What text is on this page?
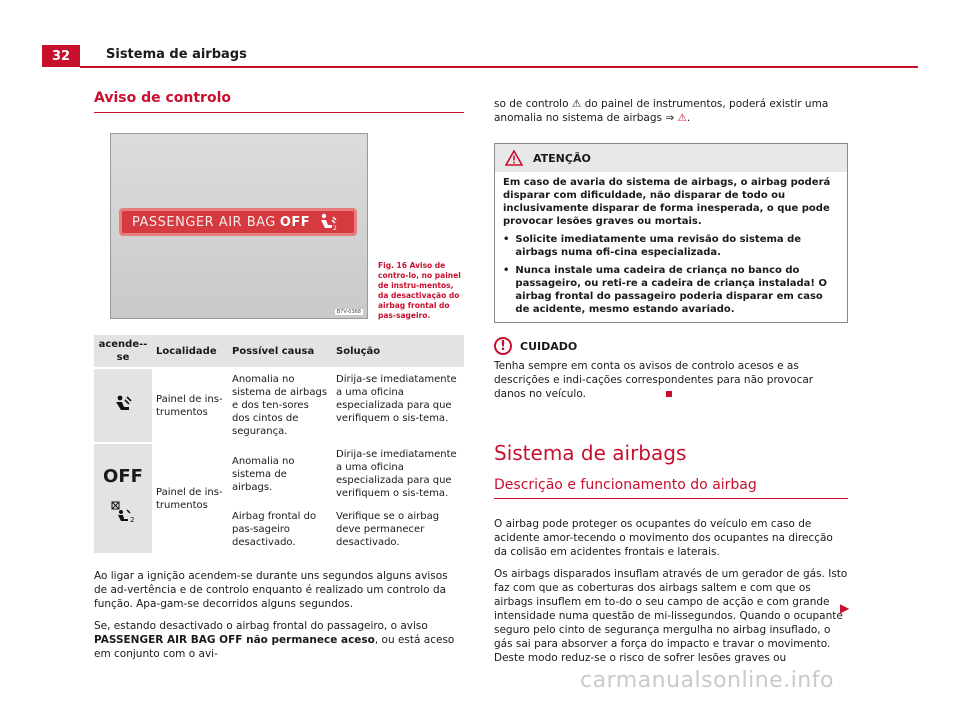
32	Sistema de airbags
Aviso de controlo
PASSENGER AIR BAG OFF	2
B7V-0368
Fig. 16 Aviso de contro-lo, no painel de instru-mentos, da desactivação do airbag frontal do pas-sageiro.
acende--se	Localidade	Possível causa	Solução
	Painel de ins-trumentos	Anomalia no sistema de airbags e dos ten-sores dos cintos de segurança.	Dirija-se imediatamente a uma oficina especializada para que verifiquem o sis-tema.

OFF
2	Painel de ins-trumentos	Anomalia no sistema de airbags.	Dirija-se imediatamente a uma oficina especializada para que verifiquem o sis-tema.
		Airbag frontal do pas-sageiro desactivado.	Verifique se o airbag deve permanecer desactivado.

Ao ligar a ignição acendem-se durante uns segundos alguns avisos de ad-vertência e de controlo enquanto é realizado um controlo da função. Apa-gam-se decorridos alguns segundos.

Se, estando desactivado o airbag frontal do passageiro, o aviso PASSENGER AIR BAG OFF não permanece aceso, ou está aceso em conjunto com o avi-

so de controlo ⚠ do painel de instrumentos, poderá existir uma anomalia no sistema de airbags ⇒ ⚠.

ATENÇÃO

Em caso de avaria do sistema de airbags, o airbag poderá disparar com dificuldade, não disparar de todo ou inclusivamente disparar de forma inesperada, o que pode provocar lesões graves ou mortais.

• Solicite imediatamente uma revisão do sistema de airbags numa ofi-cina especializada.

• Nunca instale uma cadeira de criança no banco do passageiro, ou reti-re a cadeira de criança instalada! O airbag frontal do passageiro poderia disparar em caso de acidente, mesmo estando avariado.

!	CUIDADO

Tenha sempre em conta os avisos de controlo acesos e as descrições e indi-cações correspondentes para não provocar danos no veículo.

Sistema de airbags
Descrição e funcionamento do airbag

O airbag pode proteger os ocupantes do veículo em caso de acidente amor-tecendo o movimento dos ocupantes na direcção da colisão em acidentes frontais e laterais.

Os airbags disparados insuflam através de um gerador de gás. Isto faz com que as coberturas dos airbags saltem e com que os airbags insuflem em to-do o seu campo de acção e com grande intensidade numa questão de mi-lissegundos. Quando o ocupante seguro pelo cinto de segurança mergulha no airbag insuflado, o gás sai para absorver a força do impacto e travar o movimento. Deste modo reduz-se o risco de sofrer lesões graves ou

▶
carmanualsonline.info
